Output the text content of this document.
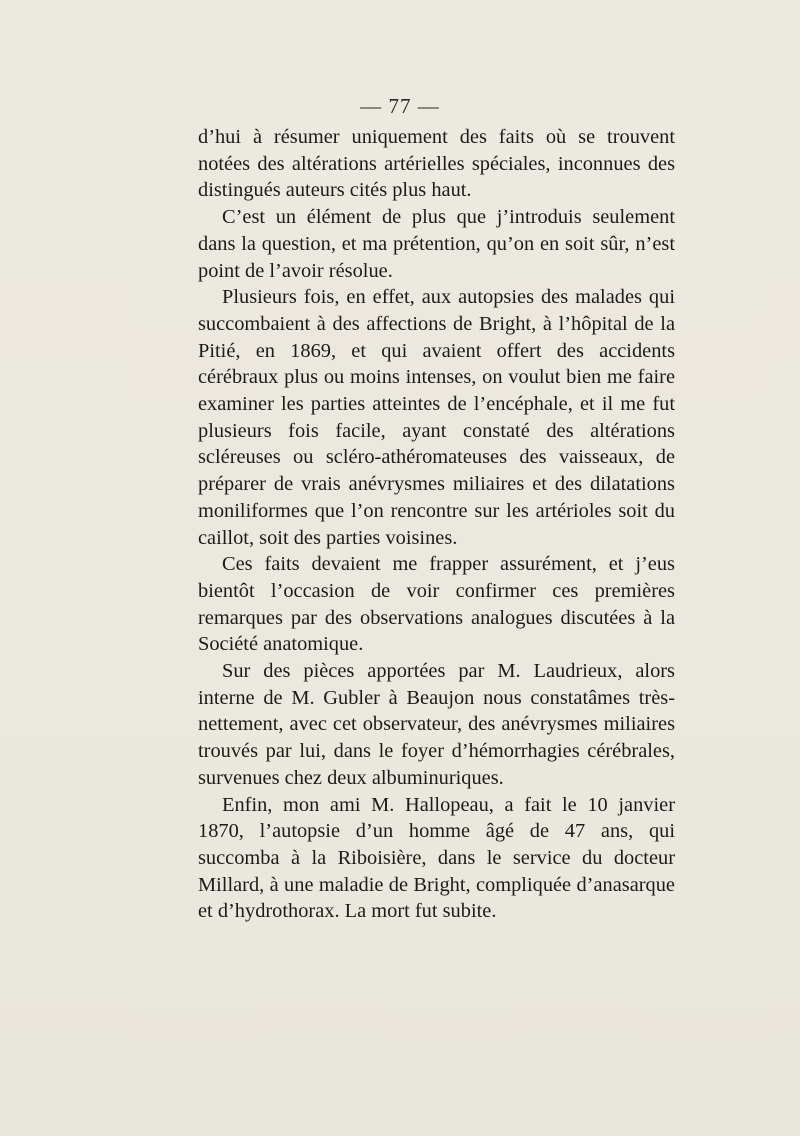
— 77 —

d’hui à résumer uniquement des faits où se trouvent notées des altérations artérielles spéciales, inconnues des distingués auteurs cités plus haut.

C’est un élément de plus que j’introduis seulement dans la question, et ma prétention, qu’on en soit sûr, n’est point de l’avoir résolue.

Plusieurs fois, en effet, aux autopsies des malades qui succombaient à des affections de Bright, à l’hôpital de la Pitié, en 1869, et qui avaient offert des accidents cérébraux plus ou moins intenses, on voulut bien me faire examiner les parties atteintes de l’encéphale, et il me fut plusieurs fois facile, ayant constaté des altérations scléreuses ou scléro-athéromateuses des vaisseaux, de préparer de vrais anévrysmes miliaires et des dilatations moniliformes que l’on rencontre sur les artérioles soit du caillot, soit des parties voisines.

Ces faits devaient me frapper assurément, et j’eus bientôt l’occasion de voir confirmer ces premières remarques par des observations analogues discutées à la Société anatomique.

Sur des pièces apportées par M. Laudrieux, alors interne de M. Gubler à Beaujon nous constatâmes très-nettement, avec cet observateur, des anévrysmes miliaires trouvés par lui, dans le foyer d’hémorrhagies cérébrales, survenues chez deux albuminuriques.

Enfin, mon ami M. Hallopeau, a fait le 10 janvier 1870, l’autopsie d’un homme âgé de 47 ans, qui succomba à la Riboisière, dans le service du docteur Millard, à une maladie de Bright, compliquée d’anasarque et d’hydrothorax. La mort fut subite.
